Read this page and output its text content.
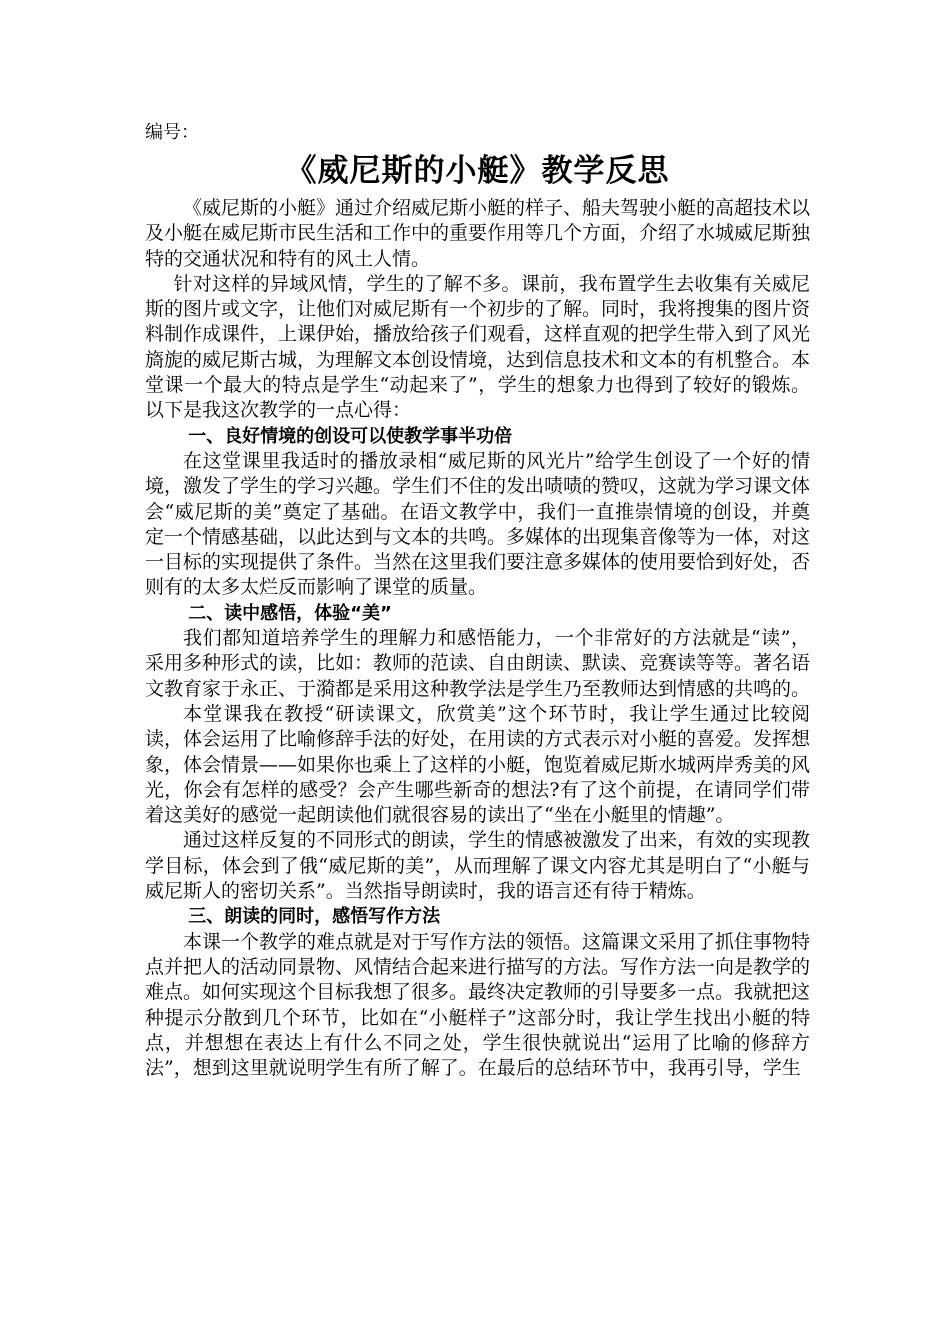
编号：

《威尼斯的小艇》教学反思

《威尼斯的小艇》通过介绍威尼斯小艇的样子、船夫驾驶小艇的高超技术以及小艇在威尼斯市民生活和工作中的重要作用等几个方面，介绍了水城威尼斯独特的交通状况和特有的风土人情。

针对这样的异域风情，学生的了解不多。课前，我布置学生去收集有关威尼斯的图片或文字，让他们对威尼斯有一个初步的了解。同时，我将搜集的图片资料制作成课件，上课伊始，播放给孩子们观看，这样直观的把学生带入到了风光旖旎的威尼斯古城，为理解文本创设情境，达到信息技术和文本的有机整合。本堂课一个最大的特点是学生“动起来了”，学生的想象力也得到了较好的锻炼。以下是我这次教学的一点心得：

一、良好情境的创设可以使教学事半功倍

在这堂课里我适时的播放录相“威尼斯的风光片”给学生创设了一个好的情境，激发了学生的学习兴趣。学生们不住的发出啧啧的赞叹，这就为学习课文体会“威尼斯的美”奠定了基础。在语文教学中，我们一直推崇情境的创设，并奠定一个情感基础，以此达到与文本的共鸣。多媒体的出现集音像等为一体，对这一目标的实现提供了条件。当然在这里我们要注意多媒体的使用要恰到好处，否则有的太多太烂反而影响了课堂的质量。

二、读中感悟，体验“美”

我们都知道培养学生的理解力和感悟能力，一个非常好的方法就是“读”，采用多种形式的读，比如：教师的范读、自由朗读、默读、竞赛读等等。著名语文教育家于永正、于漪都是采用这种教学法是学生乃至教师达到情感的共鸣的。

本堂课我在教授“研读课文，欣赏美”这个环节时，我让学生通过比较阅读，体会运用了比喻修辞手法的好处，在用读的方式表示对小艇的喜爱。发挥想象，体会情景——如果你也乘上了这样的小艇，饱览着威尼斯水城两岸秀美的风光，你会有怎样的感受？会产生哪些新奇的想法?有了这个前提，在请同学们带着这美好的感觉一起朗读他们就很容易的读出了“坐在小艇里的情趣”。

通过这样反复的不同形式的朗读，学生的情感被激发了出来，有效的实现教学目标，体会到了俄“威尼斯的美”，从而理解了课文内容尤其是明白了“小艇与威尼斯人的密切关系”。当然指导朗读时，我的语言还有待于精炼。

三、朗读的同时，感悟写作方法

本课一个教学的难点就是对于写作方法的领悟。这篇课文采用了抓住事物特点并把人的活动同景物、风情结合起来进行描写的方法。写作方法一向是教学的难点。如何实现这个目标我想了很多。最终决定教师的引导要多一点。我就把这种提示分散到几个环节，比如在“小艇样子”这部分时，我让学生找出小艇的特点，并想想在表达上有什么不同之处，学生很快就说出“运用了比喻的修辞方法”，想到这里就说明学生有所了解了。在最后的总结环节中，我再引导，学生
